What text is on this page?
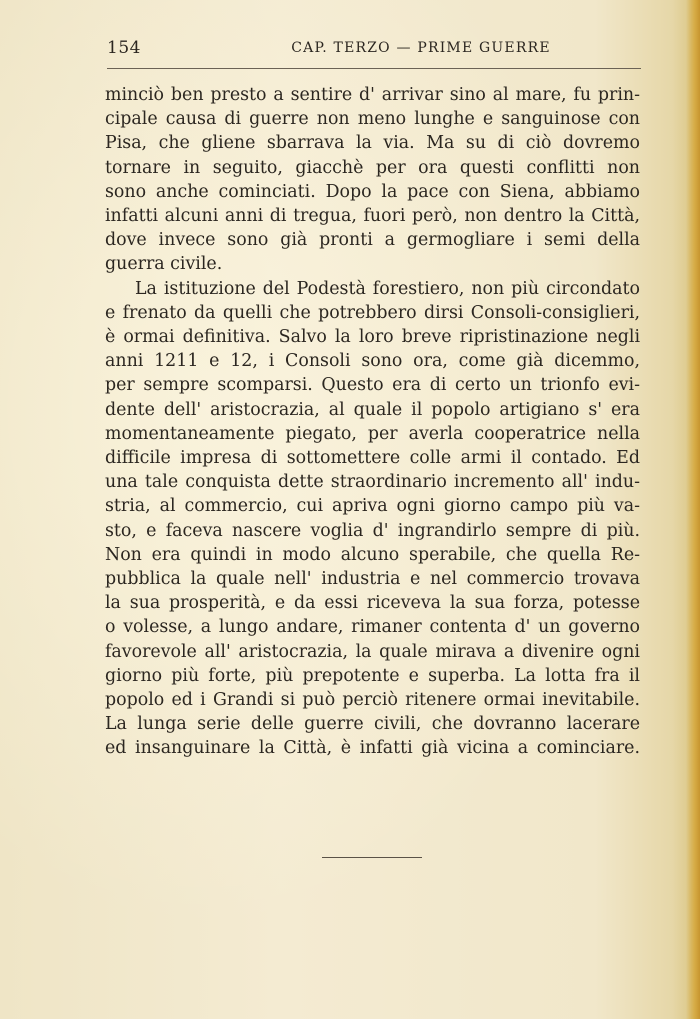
154	CAP. TERZO — PRIME GUERRE

minciò ben presto a sentire d' arrivar sino al mare, fu prin-
cipale causa di guerre non meno lunghe e sanguinose con
Pisa, che gliene sbarrava la via. Ma su di ciò dovremo
tornare in seguito, giacchè per ora questi conflitti non
sono anche cominciati. Dopo la pace con Siena, abbiamo
infatti alcuni anni di tregua, fuori però, non dentro la Città,
dove invece sono già pronti a germogliare i semi della
guerra civile.

La istituzione del Podestà forestiero, non più circondato
e frenato da quelli che potrebbero dirsi Consoli-consiglieri,
è ormai definitiva. Salvo la loro breve ripristinazione negli
anni 1211 e 12, i Consoli sono ora, come già dicemmo,
per sempre scomparsi. Questo era di certo un trionfo evi-
dente dell' aristocrazia, al quale il popolo artigiano s' era
momentaneamente piegato, per averla cooperatrice nella
difficile impresa di sottomettere colle armi il contado. Ed
una tale conquista dette straordinario incremento all' indu-
stria, al commercio, cui apriva ogni giorno campo più va-
sto, e faceva nascere voglia d' ingrandirlo sempre di più.
Non era quindi in modo alcuno sperabile, che quella Re-
pubblica la quale nell' industria e nel commercio trovava
la sua prosperità, e da essi riceveva la sua forza, potesse
o volesse, a lungo andare, rimaner contenta d' un governo
favorevole all' aristocrazia, la quale mirava a divenire ogni
giorno più forte, più prepotente e superba. La lotta fra il
popolo ed i Grandi si può perciò ritenere ormai inevitabile.
La lunga serie delle guerre civili, che dovranno lacerare
ed insanguinare la Città, è infatti già vicina a cominciare.
